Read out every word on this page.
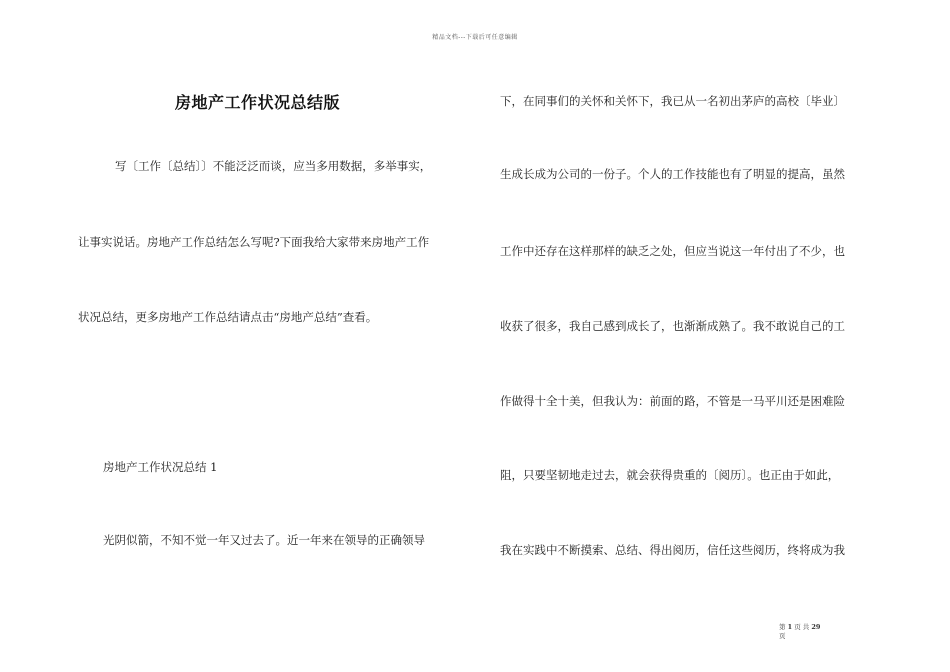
精品文档---下载后可任意编辑
房地产工作状况总结版
写〔工作〔总结〕〕不能泛泛而谈，应当多用数据，多举事实，
让事实说话。房地产工作总结怎么写呢?下面我给大家带来房地产工作
状况总结，更多房地产工作总结请点击“房地产总结”查看。
房地产工作状况总结 1
光阴似箭，不知不觉一年又过去了。近一年来在领导的正确领导
下，在同事们的关怀和关怀下，我已从一名初出茅庐的高校〔毕业〕
生成长成为公司的一份子。个人的工作技能也有了明显的提高，虽然
工作中还存在这样那样的缺乏之处，但应当说这一年付出了不少，也
收获了很多，我自己感到成长了，也渐渐成熟了。我不敢说自己的工
作做得十全十美，但我认为：前面的路，不管是一马平川还是困难险
阻，只要坚韧地走过去，就会获得贵重的〔阅历〕。也正由于如此，
我在实践中不断摸索、总结、得出阅历，信任这些阅历，终将成为我
第 1 页 共 29
页
